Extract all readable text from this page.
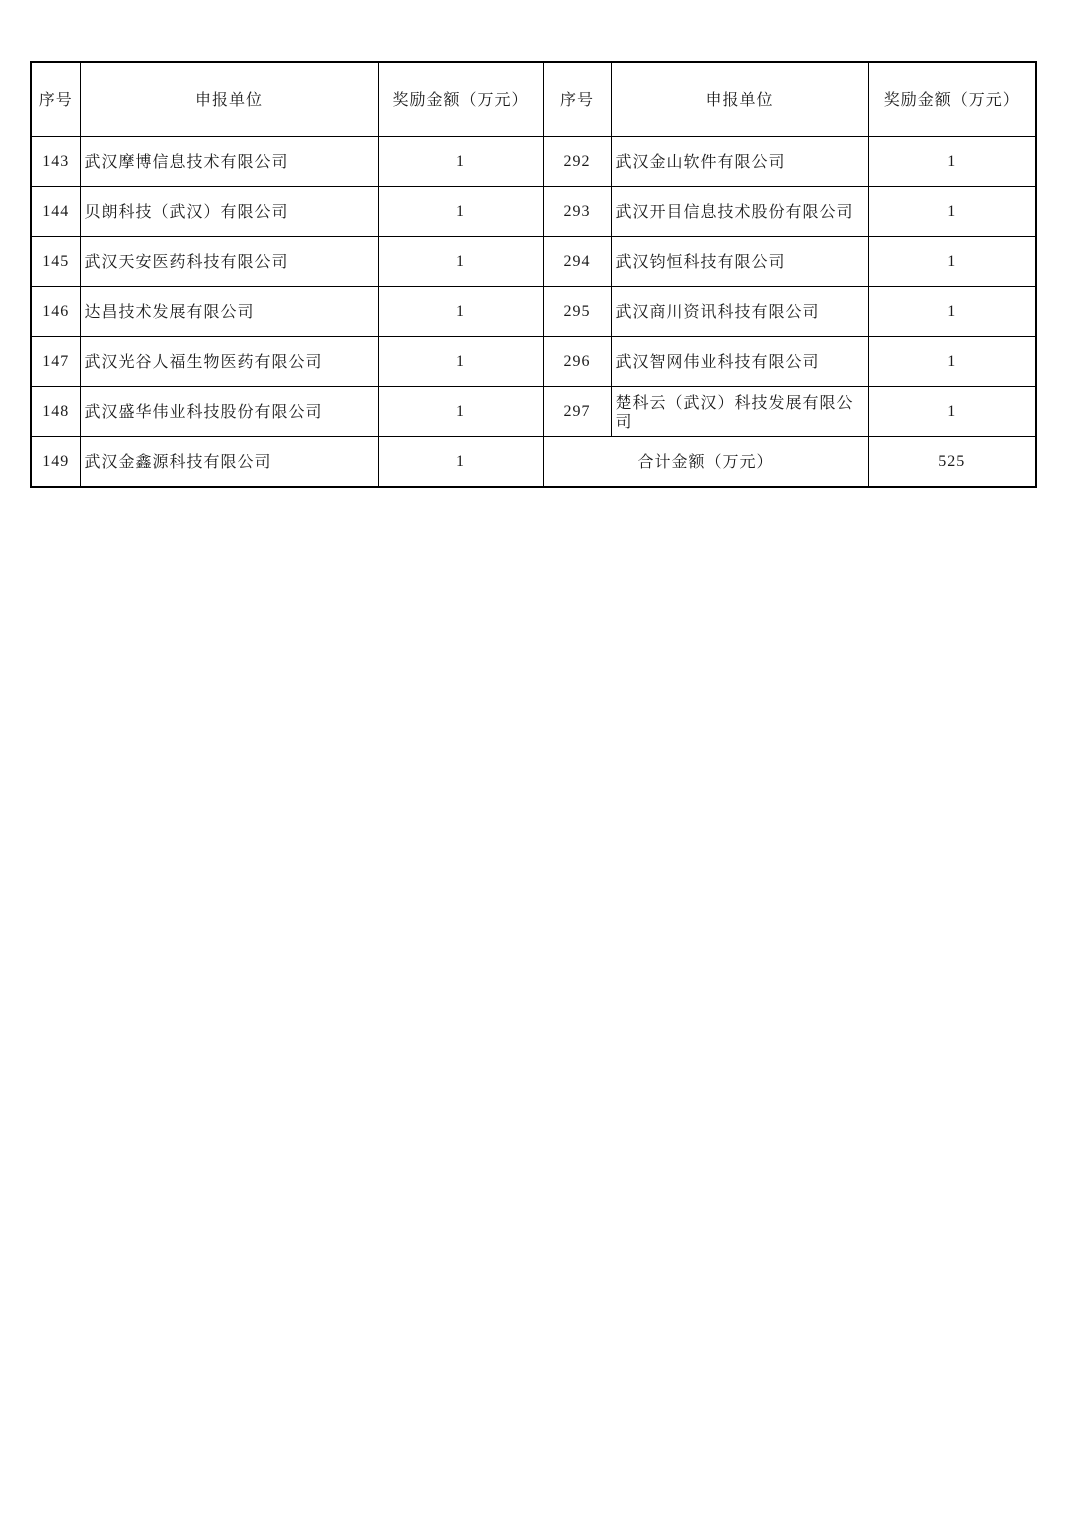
序号	申报单位	奖励金额（万元）	序号	申报单位	奖励金额（万元）
143	武汉摩博信息技术有限公司	1	292	武汉金山软件有限公司	1
144	贝朗科技（武汉）有限公司	1	293	武汉开目信息技术股份有限公司	1
145	武汉天安医药科技有限公司	1	294	武汉钧恒科技有限公司	1
146	达昌技术发展有限公司	1	295	武汉商川资讯科技有限公司	1
147	武汉光谷人福生物医药有限公司	1	296	武汉智网伟业科技有限公司	1
148	武汉盛华伟业科技股份有限公司	1	297	楚科云（武汉）科技发展有限公司	1
149	武汉金鑫源科技有限公司	1	合计金额（万元）		525
